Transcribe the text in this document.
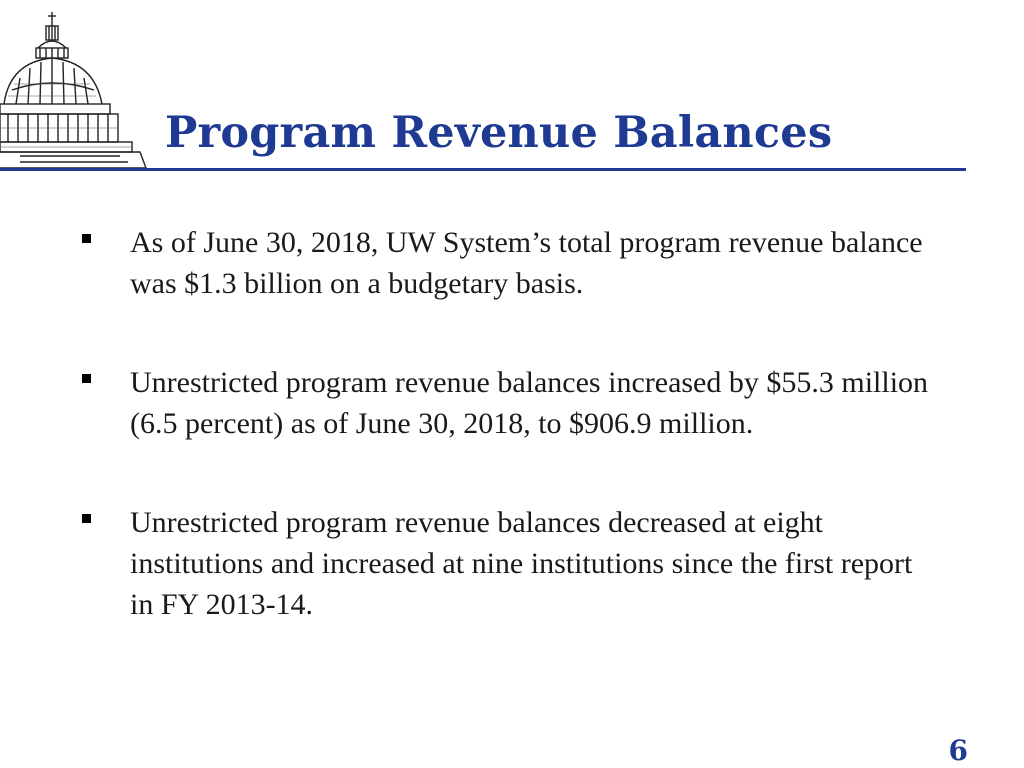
Program Revenue Balances
As of June 30, 2018, UW System’s total program revenue balance was $1.3 billion on a budgetary basis.
Unrestricted program revenue balances increased by $55.3 million (6.5 percent) as of June 30, 2018, to $906.9 million.
Unrestricted program revenue balances decreased at eight institutions and increased at nine institutions since the first report in FY 2013-14.
6
